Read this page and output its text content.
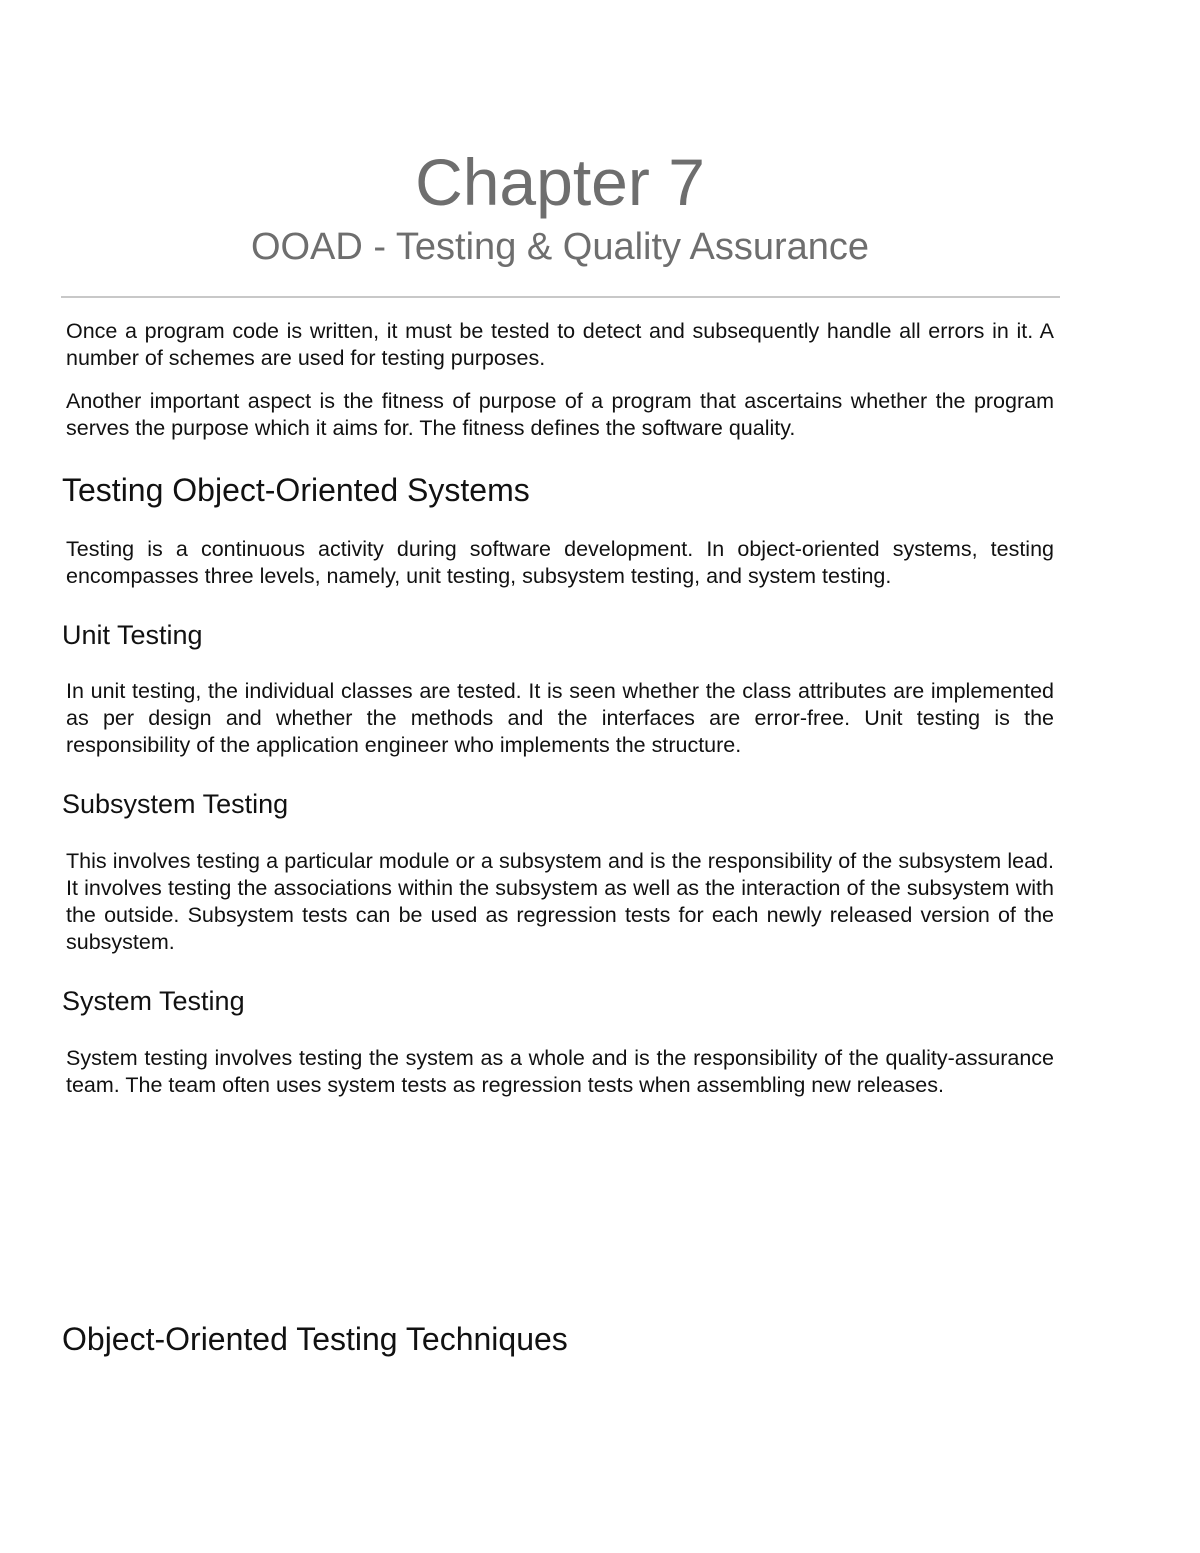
Chapter 7
OOAD - Testing & Quality Assurance

Once a program code is written, it must be tested to detect and subsequently handle all errors in it. A number of schemes are used for testing purposes.

Another important aspect is the fitness of purpose of a program that ascertains whether the program serves the purpose which it aims for. The fitness defines the software quality.

Testing Object-Oriented Systems

Testing is a continuous activity during software development. In object-oriented systems, testing encompasses three levels, namely, unit testing, subsystem testing, and system testing.

Unit Testing

In unit testing, the individual classes are tested. It is seen whether the class attributes are implemented as per design and whether the methods and the interfaces are error-free. Unit testing is the responsibility of the application engineer who implements the structure.

Subsystem Testing

This involves testing a particular module or a subsystem and is the responsibility of the subsystem lead. It involves testing the associations within the subsystem as well as the interaction of the subsystem with the outside. Subsystem tests can be used as regression tests for each newly released version of the subsystem.

System Testing

System testing involves testing the system as a whole and is the responsibility of the quality-assurance team. The team often uses system tests as regression tests when assembling new releases.

Object-Oriented Testing Techniques
